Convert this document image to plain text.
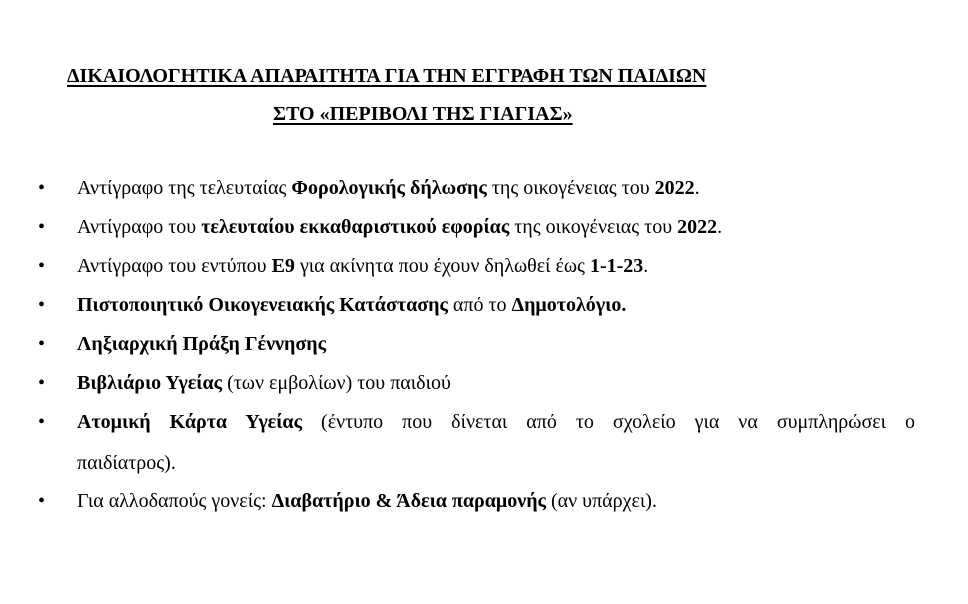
ΔΙΚΑΙΟΛΟΓΗΤΙΚΑ ΑΠΑΡΑΙΤΗΤΑ ΓΙΑ ΤΗΝ ΕΓΓΡΑΦΗ ΤΩΝ ΠΑΙΔΙΩΝ
ΣΤΟ «ΠΕΡΙΒΟΛΙ ΤΗΣ ΓΙΑΓΙΑΣ»
• Αντίγραφο της τελευταίας Φορολογικής δήλωσης της οικογένειας του 2022.
• Αντίγραφο του τελευταίου εκκαθαριστικού εφορίας της οικογένειας του 2022.
• Αντίγραφο του εντύπου Ε9 για ακίνητα που έχουν δηλωθεί έως 1-1-23.
• Πιστοποιητικό Οικογενειακής Κατάστασης από το Δημοτολόγιο.
• Ληξιαρχική Πράξη Γέννησης
• Βιβλιάριο Υγείας (των εμβολίων) του παιδιού
• Ατομική Κάρτα Υγείας (έντυπο που δίνεται από το σχολείο για να συμπληρώσει ο
παιδίατρος).
• Για αλλοδαπούς γονείς: Διαβατήριο & Άδεια παραμονής (αν υπάρχει).
